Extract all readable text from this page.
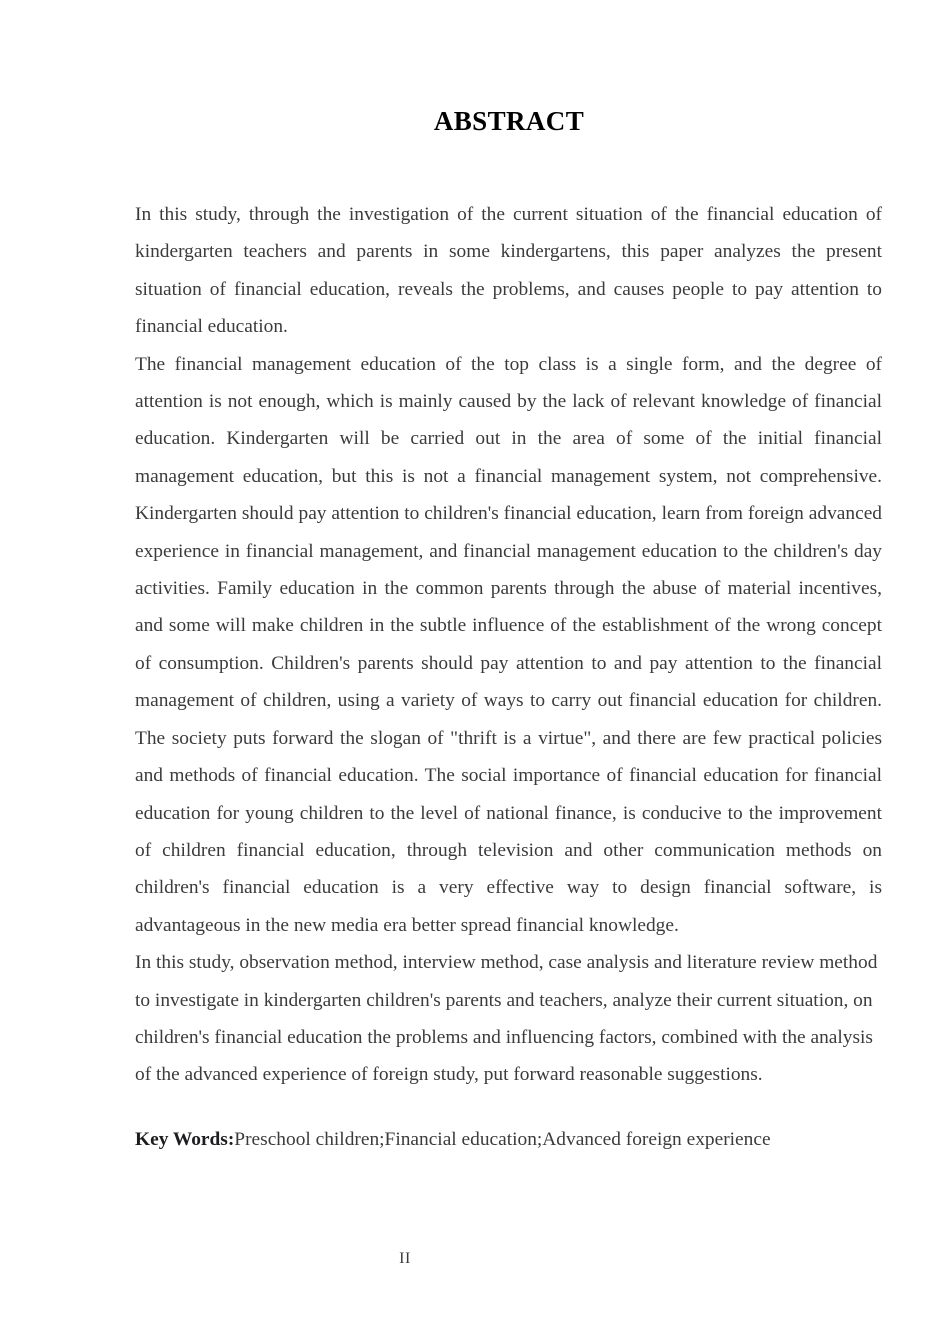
ABSTRACT

In this study, through the investigation of the current situation of the financial education of kindergarten teachers and parents in some kindergartens, this paper analyzes the present situation of financial education, reveals the problems, and causes people to pay attention to financial education.

The financial management education of the top class is a single form, and the degree of attention is not enough, which is mainly caused by the lack of relevant knowledge of financial education. Kindergarten will be carried out in the area of some of the initial financial management education, but this is not a financial management system, not comprehensive. Kindergarten should pay attention to children's financial education, learn from foreign advanced experience in financial management, and financial management education to the children's day activities. Family education in the common parents through the abuse of material incentives, and some will make children in the subtle influence of the establishment of the wrong concept of consumption. Children's parents should pay attention to and pay attention to the financial management of children, using a variety of ways to carry out financial education for children. The society puts forward the slogan of "thrift is a virtue", and there are few practical policies and methods of financial education. The social importance of financial education for financial education for young children to the level of national finance, is conducive to the improvement of children financial education, through television and other communication methods on children's financial education is a very effective way to design financial software, is advantageous in the new media era better spread financial knowledge.

In this study, observation method, interview method, case analysis and literature review method to investigate in kindergarten children's parents and teachers, analyze their current situation, on children's financial education the problems and influencing factors, combined with the analysis of the advanced experience of foreign study, put forward reasonable suggestions.

Key Words:Preschool children;Financial education;Advanced foreign experience
II
